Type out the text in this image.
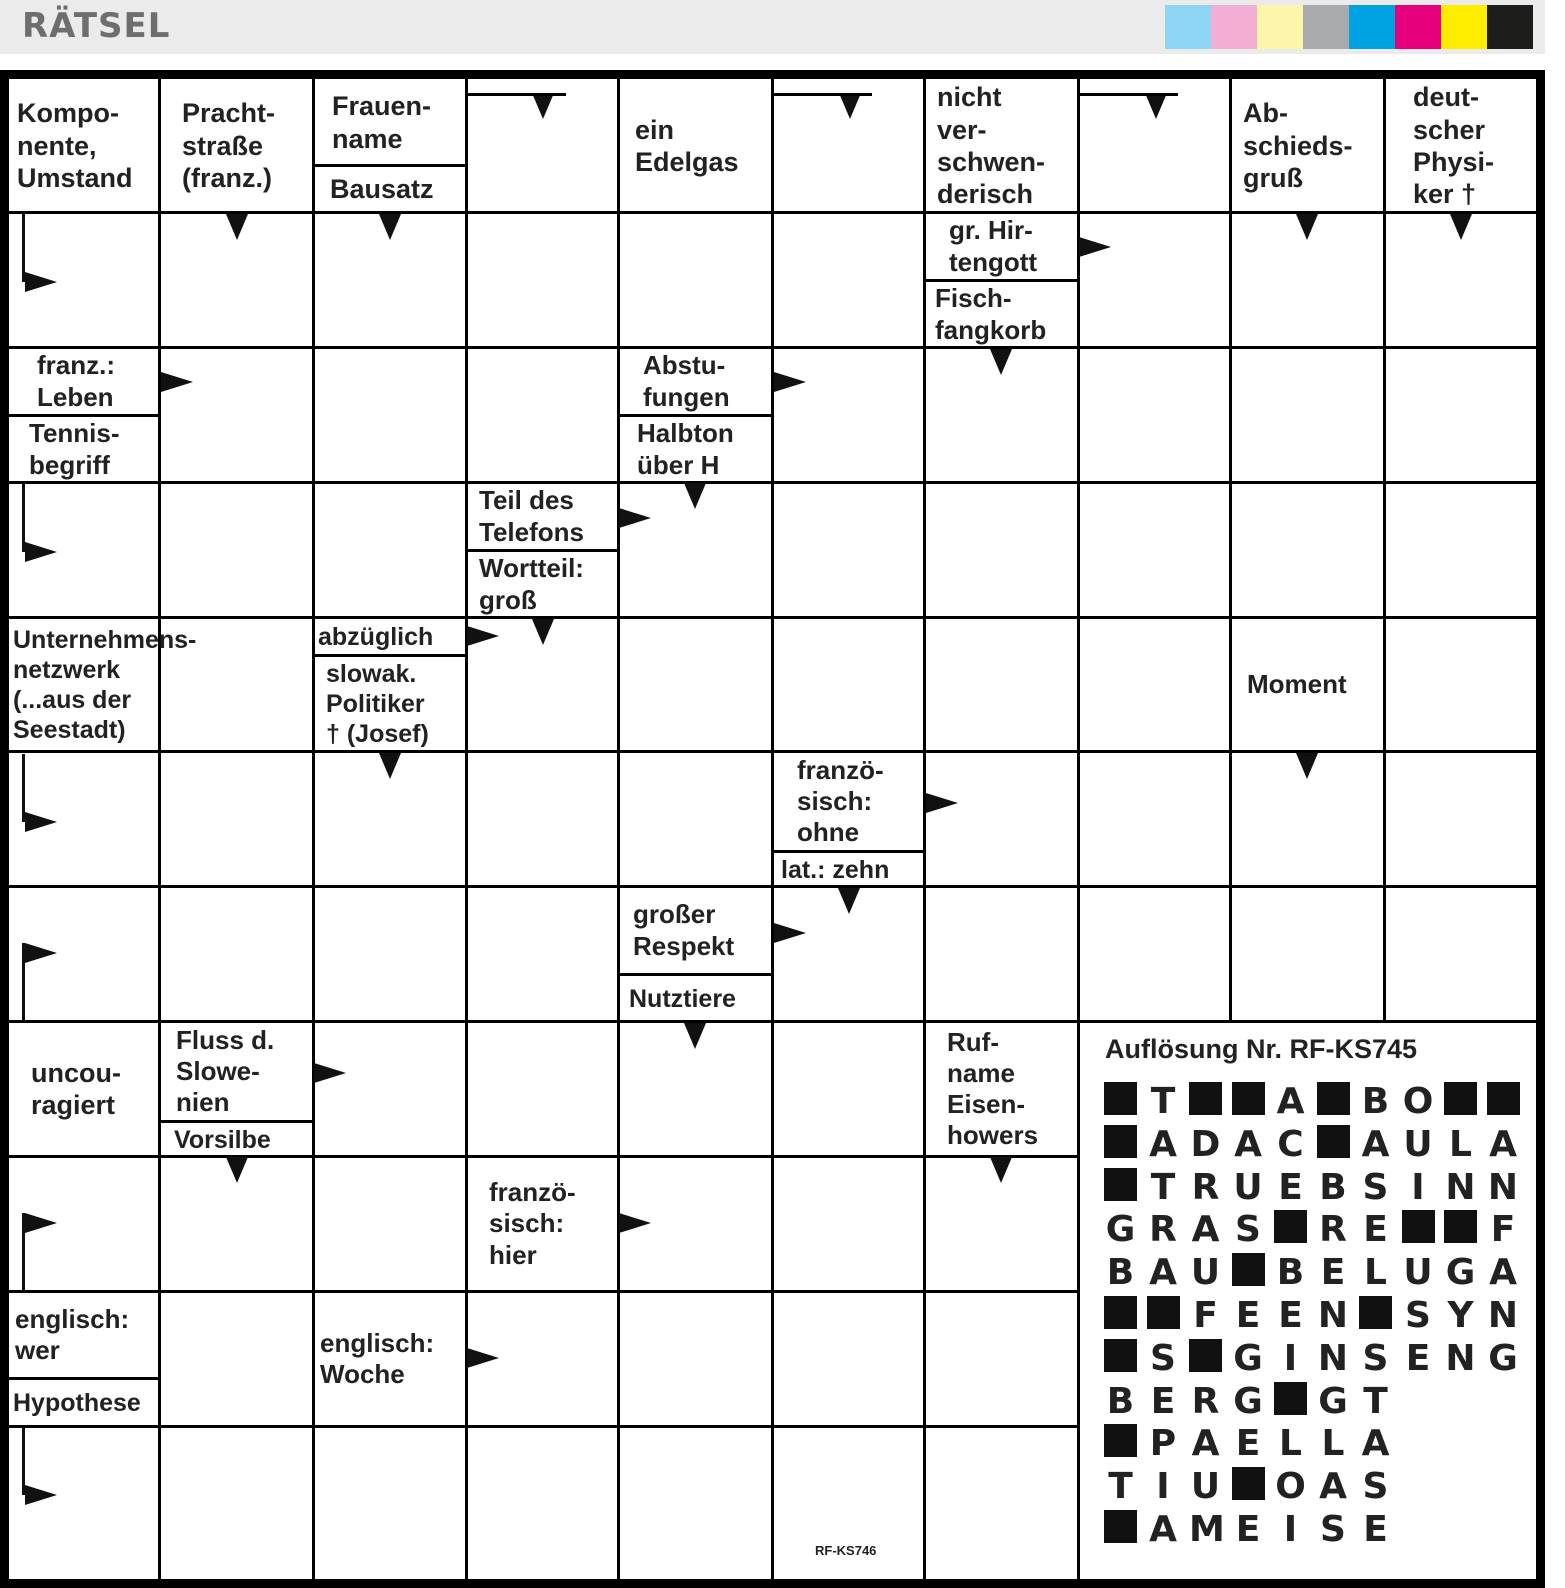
RÄTSEL
Kompo-
nente,
Umstand
Pracht-
straße
(franz.)
Frauen-
name
Bausatz
ein
Edelgas
nicht
ver-
schwen-
derisch
Ab-
schieds-
gruß
deut-
scher
Physi-
ker †
gr. Hir-
tengott
Fisch-
fangkorb
franz.:
Leben
Tennis-
begriff
Abstu-
fungen
Halbton
über H
Teil des
Telefons
Wortteil:
groß
Unternehmens-
netzwerk
(...aus der
Seestadt)
abzüglich
slowak.
Politiker
† (Josef)
Moment
franzö-
sisch:
ohne
lat.: zehn
großer
Respekt
Nutztiere
uncou-
ragiert
Fluss d.
Slowe-
nien
Vorsilbe
Ruf-
name
Eisen-
howers
franzö-
sisch:
hier
englisch:
wer
Hypothese
englisch:
Woche
Auflösung Nr. RF-KS745
T	A B O
A D A C A U L A
T R U E B S I N N
G R A S R E	F
B A U B E L U G A
F E E N S Y N
S G I N S E N G
B E R G G T
P A E L L A
T I U O A S
A M E I S E
RF-KS746
